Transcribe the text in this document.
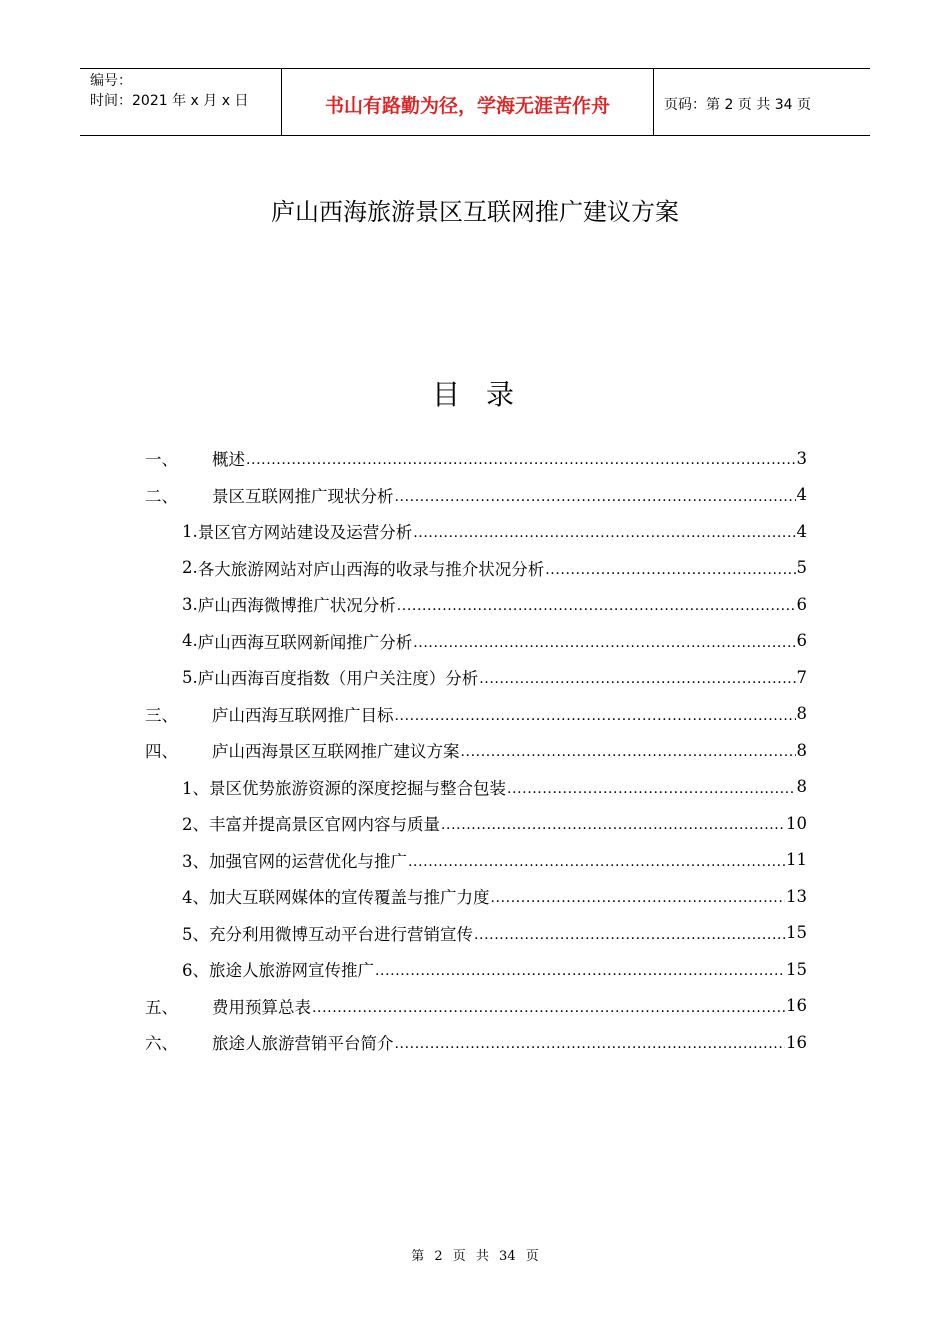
编号：
时间：2021 年 x 月 x 日	书山有路勤为径，学海无涯苦作舟	页码：第 2 页 共 34 页
庐山西海旅游景区互联网推广建议方案
目录
一、	概述 .....	3
二、	景区互联网推广现状分析 .....	4
1. 景区官方网站建设及运营分析 .....	4
2. 各大旅游网站对庐山西海的收录与推介状况分析 .....	5
3. 庐山西海微博推广状况分析 .....	6
4. 庐山西海互联网新闻推广分析 .....	6
5. 庐山西海百度指数（用户关注度）分析 .....	7
三、	庐山西海互联网推广目标 .....	8
四、	庐山西海景区互联网推广建议方案 .....	8
1、 景区优势旅游资源的深度挖掘与整合包装 .....	8
2、 丰富并提高景区官网内容与质量 .....	10
3、 加强官网的运营优化与推广 .....	11
4、 加大互联网媒体的宣传覆盖与推广力度 .....	13
5、 充分利用微博互动平台进行营销宣传 .....	15
6、 旅途人旅游网宣传推广 .....	15
五、	费用预算总表 .....	16
六、	旅途人旅游营销平台简介 .....	16
第 2 页 共 34 页
